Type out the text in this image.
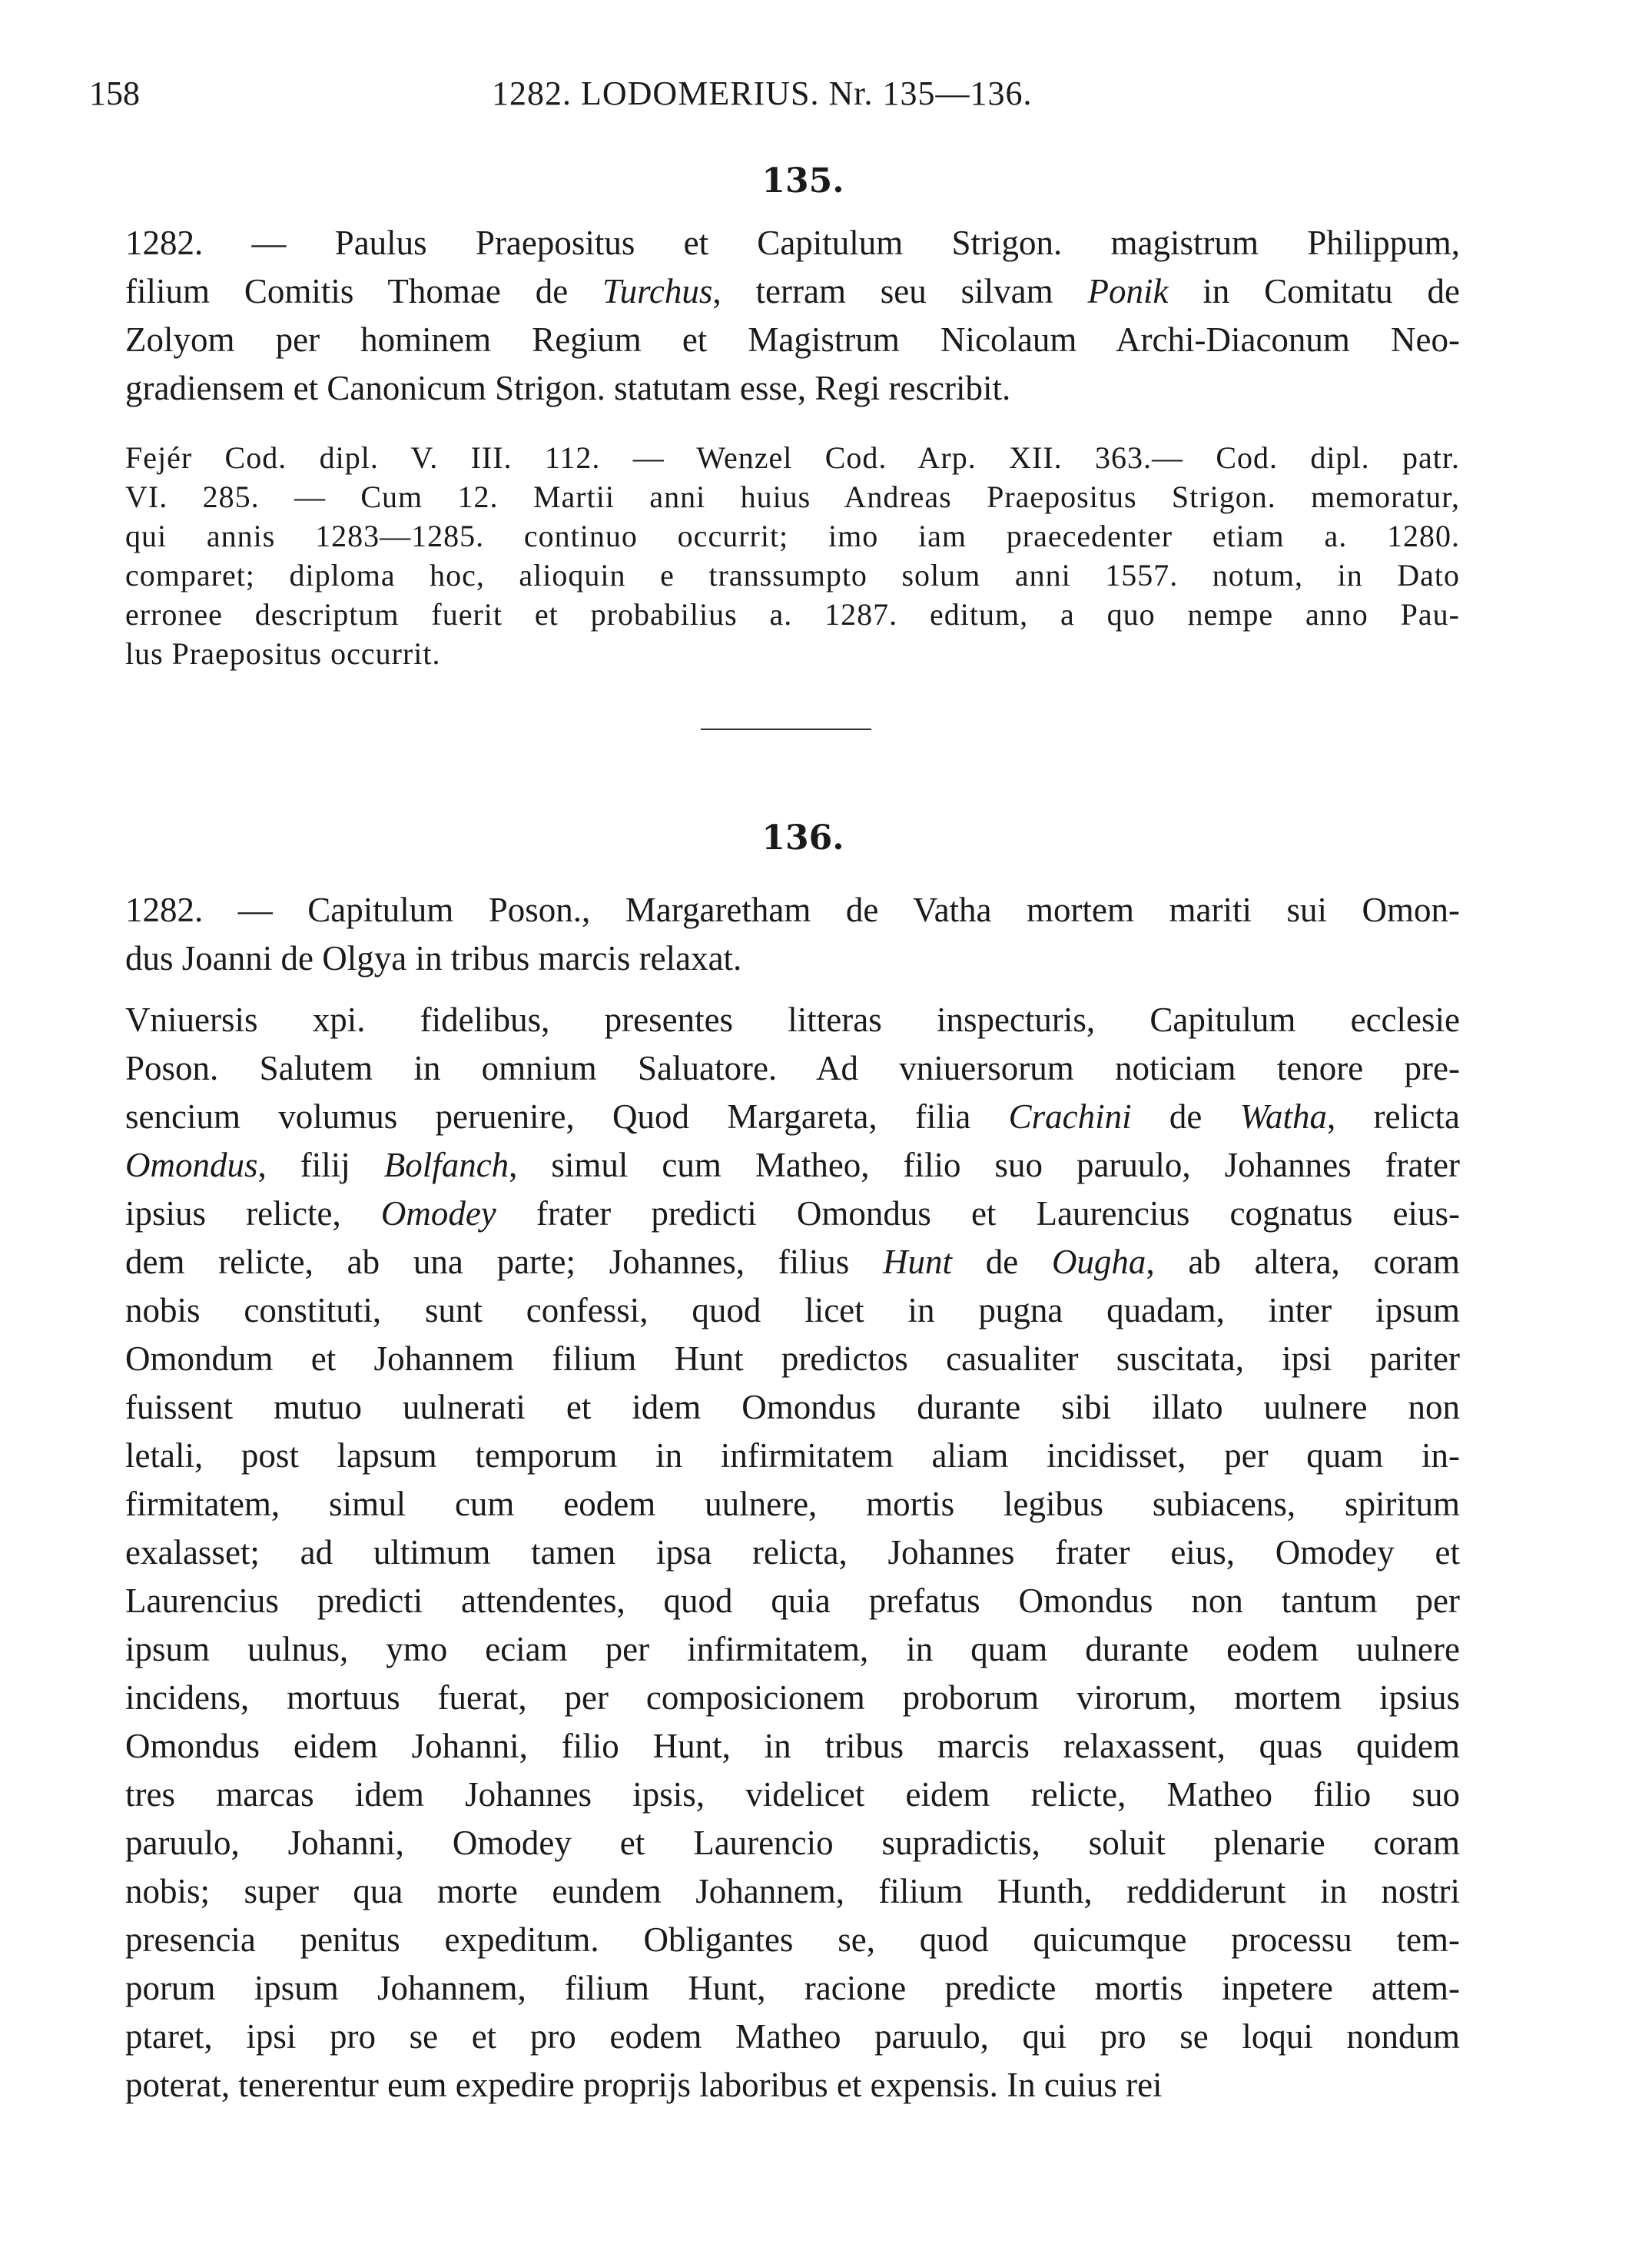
158	1282. LODOMERIUS. Nr. 135—136.
135.
1282. — Paulus Praepositus et Capitulum Strigon. magistrum Philippum,
filium Comitis Thomae de Turchus, terram seu silvam Ponik in Comitatu de
Zolyom per hominem Regium et Magistrum Nicolaum Archi-Diaconum Neo-
gradiensem et Canonicum Strigon. statutam esse, Regi rescribit.
Fejér Cod. dipl. V. III. 112. — Wenzel Cod. Arp. XII. 363.— Cod. dipl. patr.
VI. 285. — Cum 12. Martii anni huius Andreas Praepositus Strigon. memoratur,
qui annis 1283—1285. continuo occurrit; imo iam praecedenter etiam a. 1280.
comparet; diploma hoc, alioquin e transsumpto solum anni 1557. notum, in Dato
erronee descriptum fuerit et probabilius a. 1287. editum, a quo nempe anno Pau-
lus Praepositus occurrit.
136.
1282. — Capitulum Poson., Margaretham de Vatha mortem mariti sui Omon-
dus Joanni de Olgya in tribus marcis relaxat.
Vniuersis xpi. fidelibus, presentes litteras inspecturis, Capitulum ecclesie
Poson. Salutem in omnium Saluatore. Ad vniuersorum noticiam tenore pre-
sencium volumus peruenire, Quod Margareta, filia Crachini de Watha, relicta
Omondus, filij Bolfanch, simul cum Matheo, filio suo paruulo, Johannes frater
ipsius relicte, Omodey frater predicti Omondus et Laurencius cognatus eius-
dem relicte, ab una parte; Johannes, filius Hunt de Ougha, ab altera, coram
nobis constituti, sunt confessi, quod licet in pugna quadam, inter ipsum
Omondum et Johannem filium Hunt predictos casualiter suscitata, ipsi pariter
fuissent mutuo uulnerati et idem Omondus durante sibi illato uulnere non
letali, post lapsum temporum in infirmitatem aliam incidisset, per quam in-
firmitatem, simul cum eodem uulnere, mortis legibus subiacens, spiritum
exalasset; ad ultimum tamen ipsa relicta, Johannes frater eius, Omodey et
Laurencius predicti attendentes, quod quia prefatus Omondus non tantum per
ipsum uulnus, ymo eciam per infirmitatem, in quam durante eodem uulnere
incidens, mortuus fuerat, per composicionem proborum virorum, mortem ipsius
Omondus eidem Johanni, filio Hunt, in tribus marcis relaxassent, quas quidem
tres marcas idem Johannes ipsis, videlicet eidem relicte, Matheo filio suo
paruulo, Johanni, Omodey et Laurencio supradictis, soluit plenarie coram
nobis; super qua morte eundem Johannem, filium Hunth, reddiderunt in nostri
presencia penitus expeditum. Obligantes se, quod quicumque processu tem-
porum ipsum Johannem, filium Hunt, racione predicte mortis inpetere attem-
ptaret, ipsi pro se et pro eodem Matheo paruulo, qui pro se loqui nondum
poterat, tenerentur eum expedire proprijs laboribus et expensis. In cuius rei
